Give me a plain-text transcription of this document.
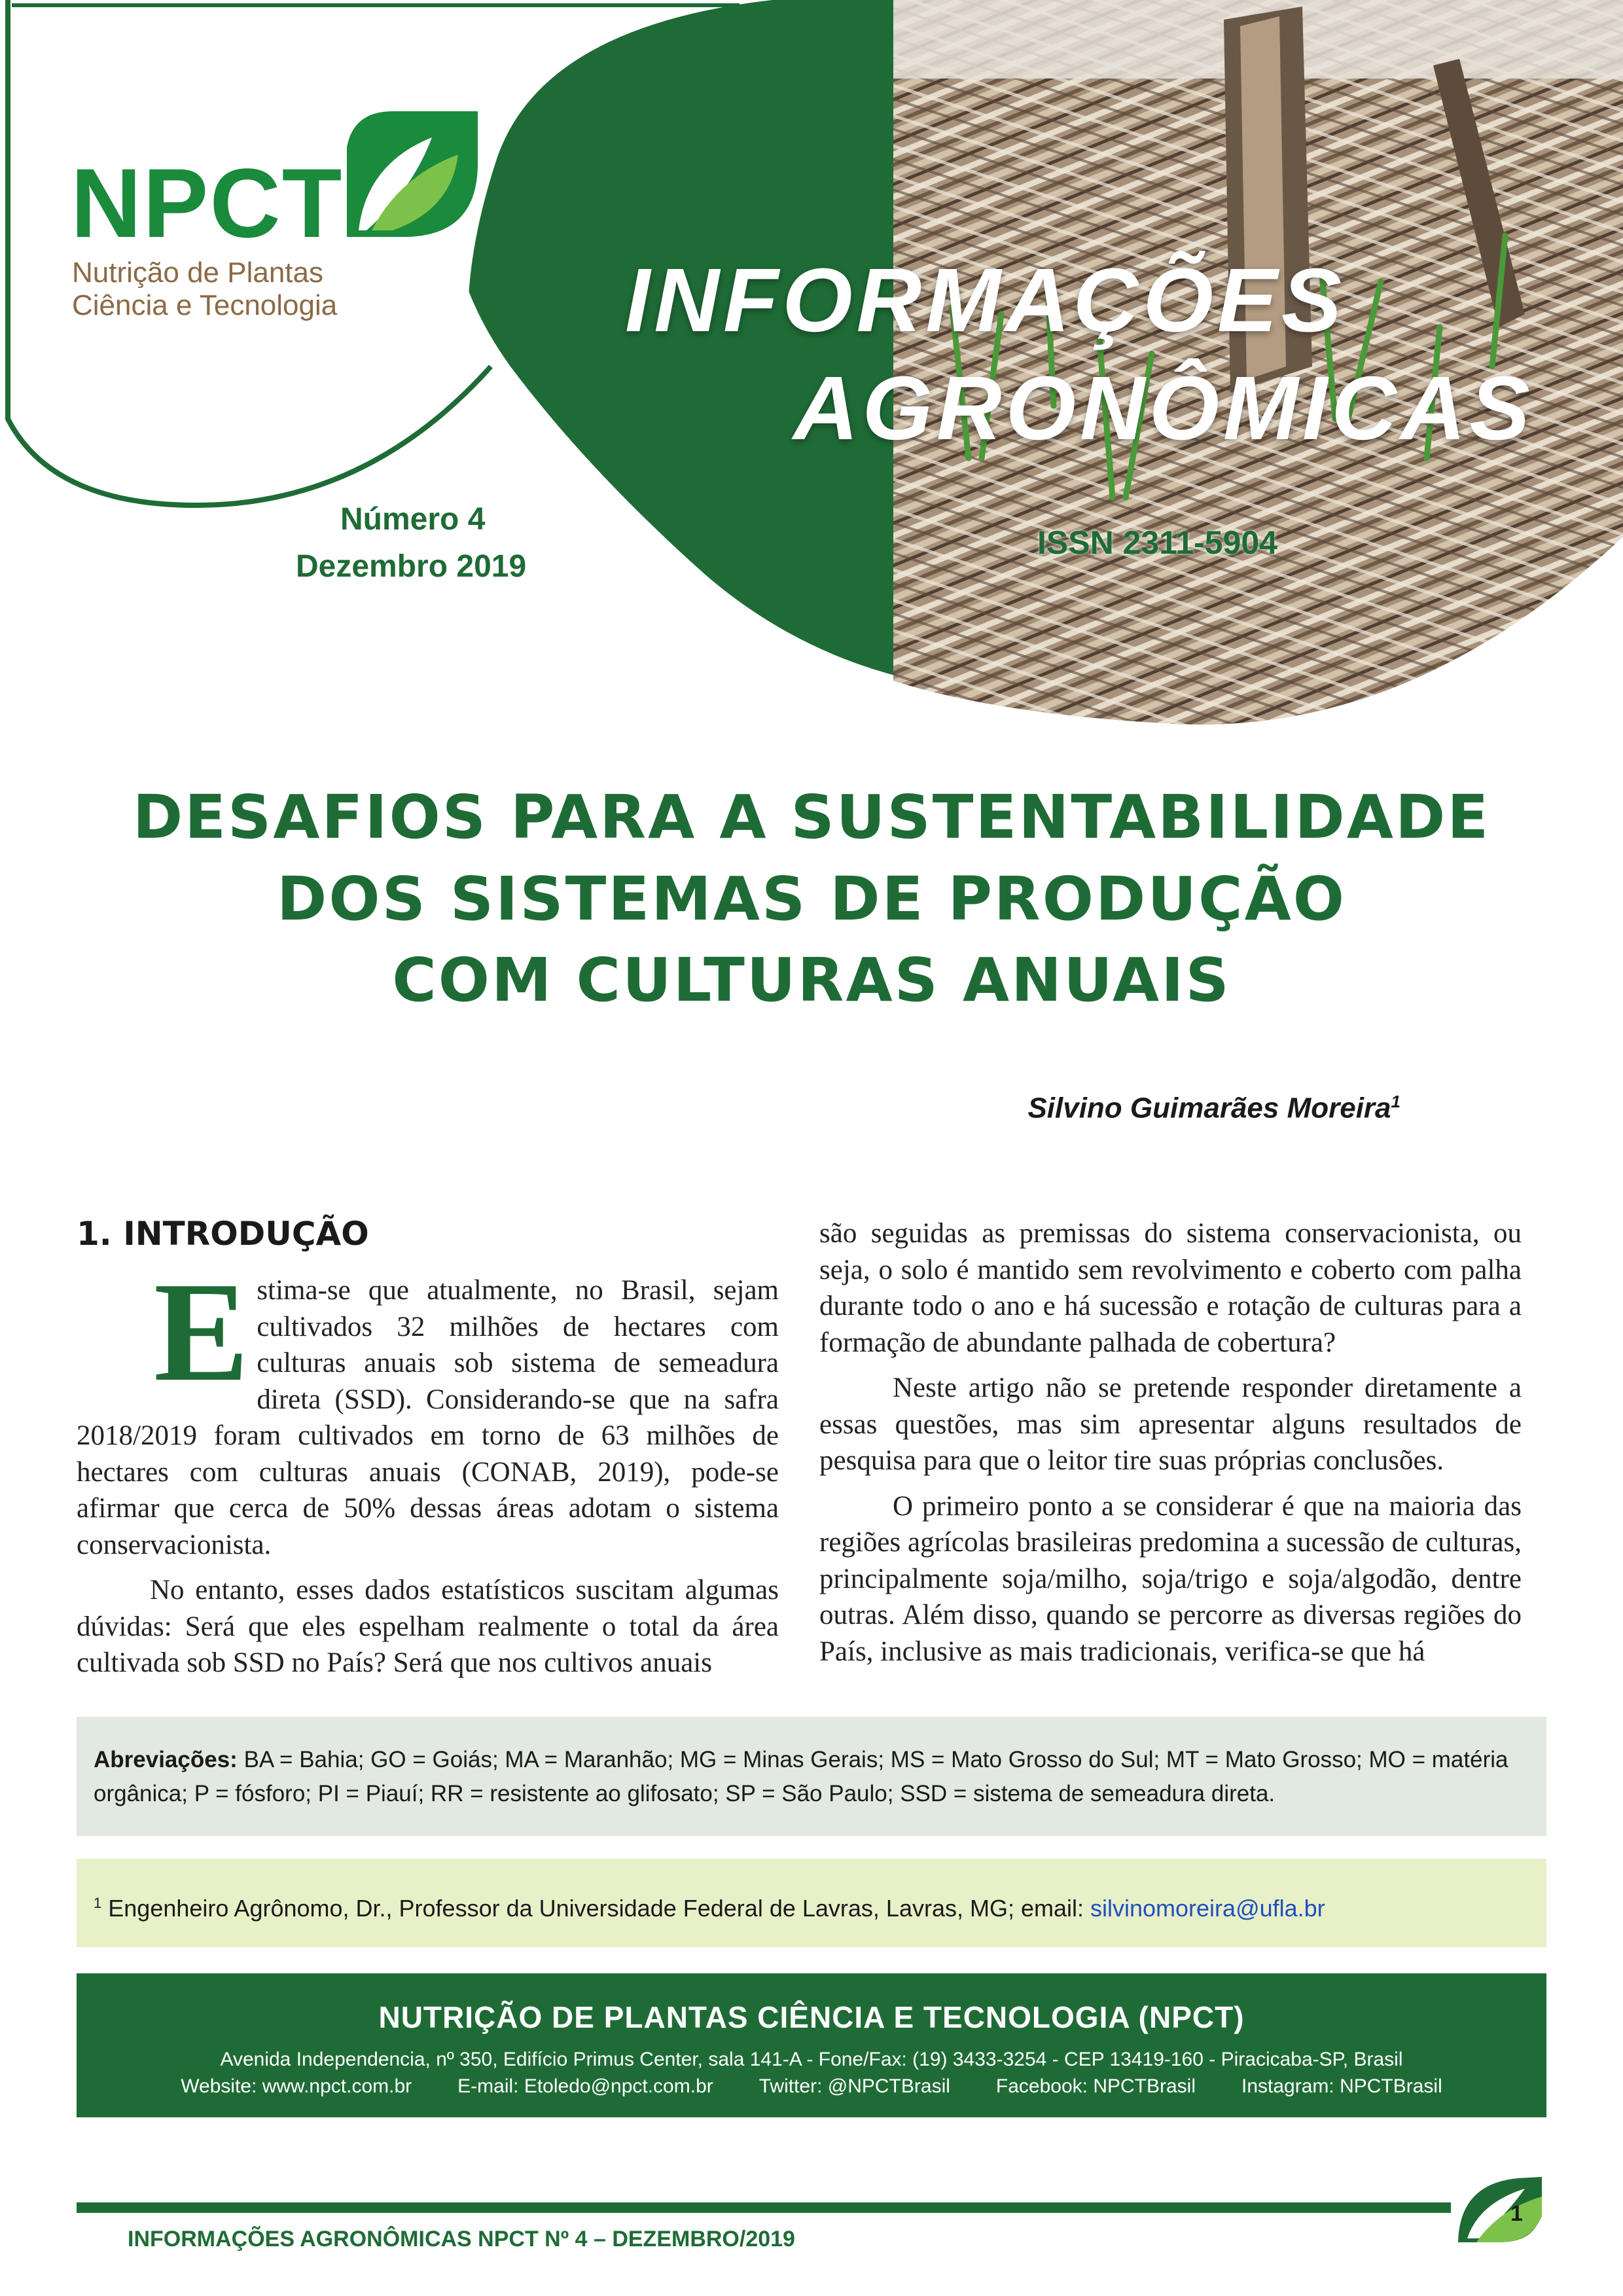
NPCT
Nutrição de Plantas
Ciência e Tecnologia	INFORMAÇÕES
AGRONÔMICAS
Número 4
Dezembro 2019
ISSN 2311-5904
DESAFIOS PARA A SUSTENTABILIDADE
DOS SISTEMAS DE PRODUÇÃO
COM CULTURAS ANUAIS
Silvino Guimarães Moreira$^1$
1. INTRODUÇÃO

Estima-se que atualmente, no Brasil, sejam cultivados 32 milhões de hectares com culturas anuais sob sistema de semeadura direta (SSD). Considerando-se que na safra 2018/2019 foram cultivados em torno de 63 milhões de hectares com culturas anuais (CONAB, 2019), pode-se afirmar que cerca de 50% dessas áreas adotam o sistema conservacionista.

No entanto, esses dados estatísticos suscitam algumas dúvidas: Será que eles espelham realmente o total da área cultivada sob SSD no País? Será que nos cultivos anuais

são seguidas as premissas do sistema conservacionista, ou seja, o solo é mantido sem revolvimento e coberto com palha durante todo o ano e há sucessão e rotação de culturas para a formação de abundante palhada de cobertura?

Neste artigo não se pretende responder diretamente a essas questões, mas sim apresentar alguns resultados de pesquisa para que o leitor tire suas próprias conclusões.

O primeiro ponto a se considerar é que na maioria das regiões agrícolas brasileiras predomina a sucessão de culturas, principalmente soja/milho, soja/trigo e soja/algodão, dentre outras. Além disso, quando se percorre as diversas regiões do País, inclusive as mais tradicionais, verifica-se que há

Abreviações: BA = Bahia; GO = Goiás; MA = Maranhão; MG = Minas Gerais; MS = Mato Grosso do Sul; MT = Mato Grosso; MO = matéria orgânica; P = fósforo; PI = Piauí; RR = resistente ao glifosato; SP = São Paulo; SSD = sistema de semeadura direta.
$^1$ Engenheiro Agrônomo, Dr., Professor da Universidade Federal de Lavras, Lavras, MG; email: silvinomoreira@ufla.br
NUTRIÇÃO DE PLANTAS CIÊNCIA E TECNOLOGIA (NPCT)
Avenida Independencia, nº 350, Edifício Primus Center, sala 141-A - Fone/Fax: (19) 3433-3254 - CEP 13419-160 - Piracicaba-SP, Brasil
Website: www.npct.com.br E-mail: Etoledo@npct.com.br Twitter: @NPCTBrasil Facebook: NPCTBrasil Instagram: NPCTBrasil
1
INFORMAÇÕES AGRONÔMICAS NPCT Nº 4 – DEZEMBRO/2019
